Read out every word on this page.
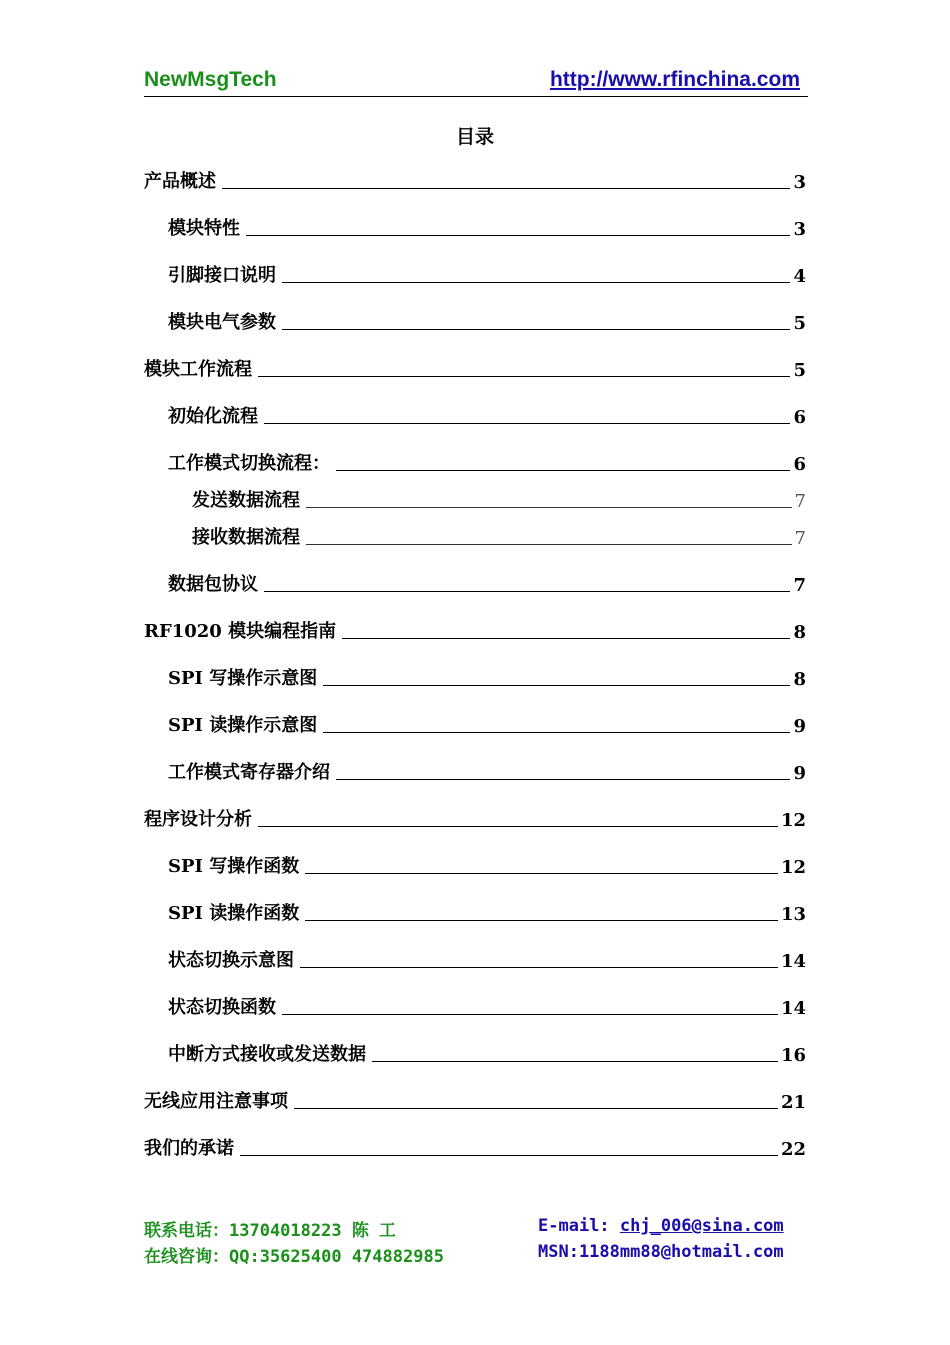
NewMsgTech	http://www.rfinchina.com
目录
产品概述	3
模块特性	3
引脚接口说明	4
模块电气参数	5
模块工作流程	5
初始化流程	6
工作模式切换流程：	6
发送数据流程	7
接收数据流程	7
数据包协议	7
RF1020 模块编程指南	8
SPI 写操作示意图	8
SPI 读操作示意图	9
工作模式寄存器介绍	9
程序设计分析	12
SPI 写操作函数	12
SPI 读操作函数	13
状态切换示意图	14
状态切换函数	14
中断方式接收或发送数据	16
无线应用注意事项	21
我们的承诺	22
联系电话：13704018223 陈 工
在线咨询：QQ:35625400 474882985
E-mail: chj_006@sina.com
MSN:1188mm88@hotmail.com
